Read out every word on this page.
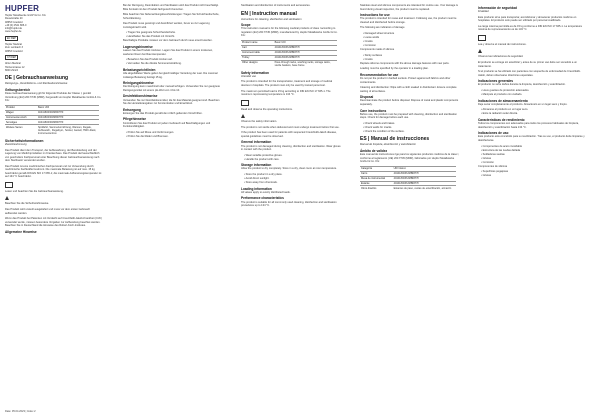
HUPFER
Hupfer Metallwerke GmbH & Co. KG
Dieselstraße 20
48653 Coesfeld
+49 (0) 2541 805-0
info@hupfer.de
www.hupfer.de
EC REP
Hupfer Medical
Zum Leinbach 3
48653 Coesfeld
CH REP
Ahlen Medical
Hotzenstrasse 12
8000 Zürich
DE | Gebrauchsanweisung
Reinigungs-, Desinfektions- und Sterilisationshinweise
Geltungsbereich
Diese Gebrauchsanweisung gilt für folgende Produkte der Klasse I, gemäß Verordnung (EU) 2017/745 (MDR), hergestellt von Hupfer Metallwerke GmbH & Co. KG:
Produkt	Basic UDI
Wagen	4044180036JMBDH7F
Instrumenten-tisch	4044180036JMBDH7F
Sonstiges	4044180036JMBDH7F
Weitere Serien	Spülfahrt, Sammelvorrichtung, Wannen, Regale, Aufbewahr., Regalsyst., Sockel, Gestell, HWC-Rack, Instrumentenbox
Sicherheitsinformationen
Zweckbestimmung
Das Produkt dient dem Transport, der Aufbewahrung, der Bereitstellung und der Lagerung von Medizinprodukten im Krankenhaus. Das Produkt darf ausschließlich von geschultem Fachpersonal unter Beachtung dieser Gebrauchsanweisung nach dem Sterilisator verwendet werden.
Das Produkt ist eine medizinischen Fachpersonal und zur Verwendung durch medizinische Fachkräfte bestimmt. Die maximale Belastung ist auf max. 15 kg beschränkt gemäß DIN EN ISO 17 665-1; die maximale Aufbereitungstemperatur ist auf 134 °C beschränkt.
Lesen und beachten Sie die Gebrauchsanweisung.
Beachten Sie die Sicherheitshinweise.
Das Produkt wird unsteril ausgeliefert und muss vor dem ersten Gebrauch aufbereitet werden.
Wenn das Produkt bei Patienten mit Verdacht auf Creutzfeldt-Jakob-Krankheit (CJK) verwendet wurde, müssen besondere Vorgaben zur Aufbereitung beachtet werden. Beachten Sie in Deutschland die Hinweise des Robert-Koch-Institutes.
Allgemeine Hinweise
Bei der Reinigung, Desinfektion und Sterilisation wird das Produkt nicht beschädigt. Bitte Kontakt mit dem Produkt fachgerecht benutzen.
Bitte beachten Sie Nebenwirkungsbeschränkungen: Tragen Sie Schutzhandschuhe, Schutzkleidung.
Das Produkt muss gereinigt und desinfiziert werden, bevor es zur Lagerung zurückgebracht wird.
• Tragen Sie geeignete Schutzhandschuhe.
• Handhaben Sie das Produkt mit Vorsicht.
Beschädigte Produkte müssen vor dem Gebrauch durch neue ersetzt werden.
Lagerungshinweise
Lassen Sie das Produkt trocknen. Lagern Sie das Produkt in einem trockenen, sauberen Raum bei Raumtemperatur.
• Bewahren Sie das Produkt trocken auf.
• Vermeiden Sie die direkte Sonneneinstrahlung.
Belastungsrichtlinien
Alle abgebildeten Werte gelten bei gleichmäßiger Verteilung der Last. Die maximal zulässige Belastung beträgt 15 kg.
Reinigungshinweise
Die Reinigung kann maschinell oder manuell erfolgen. Verwenden Sie nur geeignete Reinigungsmittel mit einem pH-Wert von 4 bis 10.
Desinfektionshinweise
Verwenden Sie nur Desinfektionsmittel, die für das Material geeignet sind. Beachten Sie die Herstellerangaben zur Konzentration und Einwirkzeit.
Entsorgung
Entsorgen Sie das Produkt gemäß den örtlich geltenden Vorschriften.
Pflegehinweise
Kontrollieren Sie das Produkt vor jedem Gebrauch auf Beschädigungen und Funktionsfähigkeit.
• Prüfen Sie auf Risse und Verformungen.
• Prüfen Sie die Räder und Bremsen.
Sterilisation and disinfection of instruments and accessories.
EN | Instruction manual
Instructions for cleaning, disinfection and sterilisation
Scope
This instruction manual is for the following medical products of class I according to regulation (EU) 2017/745 (MDR), manufactured by Hupfer Metallwerke GmbH & Co. KG:
Product name	Basic UDI
Cart	4044180036JMBDH7F
Instrument table	4044180036JMBDH7F
Trolley	4044180036JMBDH7F
Other designs	Pass-through racks, washing racks, storage racks, sterile baskets, base frame
Safety information
Intended use
The product is intended for the transportation, treatment and storage of medical devices in hospitals. The product must only be used by trained personnel.
The maximum permitted load is 15 kg according to DIN EN ISO 17 665-1. The maximum reprocessing temperature is 134 °C.
Read and observe the operating instructions.
Observe the safety information.
The product is not sterile when delivered and must undergo treatment before first use.
If the product has been used for patients with suspected Creutzfeldt-Jakob disease, special guidelines must be observed.
General information
The product is not damaged during cleaning, disinfection and sterilisation. Wear gloves in contact with the product.
• Wear suitable protective gloves.
• Handle the product with care.
Storage information
Allow the product to dry completely. Store in a dry, clean room at room temperature.
• Store the product in a dry place.
• Avoid direct sunlight.
• Store away from chemicals.
Loading information
All values apply to evenly distributed loads.
Performance characteristics
The product is suitable for all commonly used cleaning, disinfection and sterilisation procedures up to 134 °C.
Stainless steel and silicone components are tolerated for routine use. Your damage is found during visual inspection, the product must be replaced.
Instructions for use
The product is intended for reuse and treatment. Following use, the product must be cleaned and disinfected before storage.
The following are indicators of damage
• Damaged wheel structure
• Loose welds
• Cracks
• Corrosion
Components made of silicone
• Sticky surfaces
• Cracks
Replace silicone components with the above damage features with new parts.
Loading must be specified by the operator in a loading plan.
Recommendation for use
Do not put the product in barbed sockets. Protect against soft fabrics and other contaminants.
Cleaning and disinfection: Wipe with a cloth soaked in disinfectant. Ensure complete wetting of all surfaces.
Disposal
Decontaminate the product before disposal. Dispose of metal and plastic components separately.
Care instructions
Before use, the product must be prepared with cleaning, disinfection and sterilisation steps. Check for damage before each use.
• Check wheels and brakes.
• Check welds for cracks.
• Check the condition of the surface.
ES | Manual de instrucciones
Manual de limpieza, desinfección y esterilización
Ámbito de validez
Este manual de instrucciones rige para los siguientes productos médicos de la clase I, conforme al reglamento (UE) 2017/745 (MDR), fabricados por Hupfer Metallwerke GmbH & Co. KG:
Categoría	UDI básico
Carro	4044180036JMBDH7F
Mesa de instrumental	4044180036JMBDH7F
Estante	4044180036JMBDH7F
Otros diseños	Estantes de paso, cestas de esterilización, armazón
Información de seguridad
Finalidad
Este producto sirve para transportar, acondicionar y almacenar productos médicos en hospitales. El producto solo puede ser utilizado por personal cualificado.
La carga máxima permitida es de 15 kg conforme a DIN EN ISO 17 665-1. La temperatura máxima de reprocesamiento es de 134 °C.
Lea y observe el manual de instrucciones.
Observe las indicaciones de seguridad.
El producto se entrega sin esterilizar y antes de su primer uso debe ser sometido a un tratamiento.
Si el producto se ha utilizado con pacientes con sospecha de enfermedad de Creutzfeldt-Jakob, deben observarse directrices especiales.
Indicaciones generales
El producto no sufre daños durante la limpieza, desinfección y esterilización.
• Lleve guantes de protección adecuados.
• Manipule el producto con cuidado.
Indicaciones de almacenamiento
Deje secar completamente el producto. Almacénelo en un lugar seco y limpio.
• Almacene el producto en un lugar seco.
• Evite la radiación solar directa.
Características de rendimiento
Todos los componentes son adecuados para todos los procesos habituales de limpieza, desinfección y esterilización hasta 134 °C.
Indicaciones de uso
Este producto está concebido para su reutilización. Tras su uso, el producto debe limpiarse y desinfectarse.
• Componentes de acero inoxidable
• Estructura de las ruedas dañada
• Soldaduras sueltas
• Grietas
• Corrosión
Componentes de silicona
• Superficies pegajosas
• Grietas
Date: 05.04.2023 | Index 2
